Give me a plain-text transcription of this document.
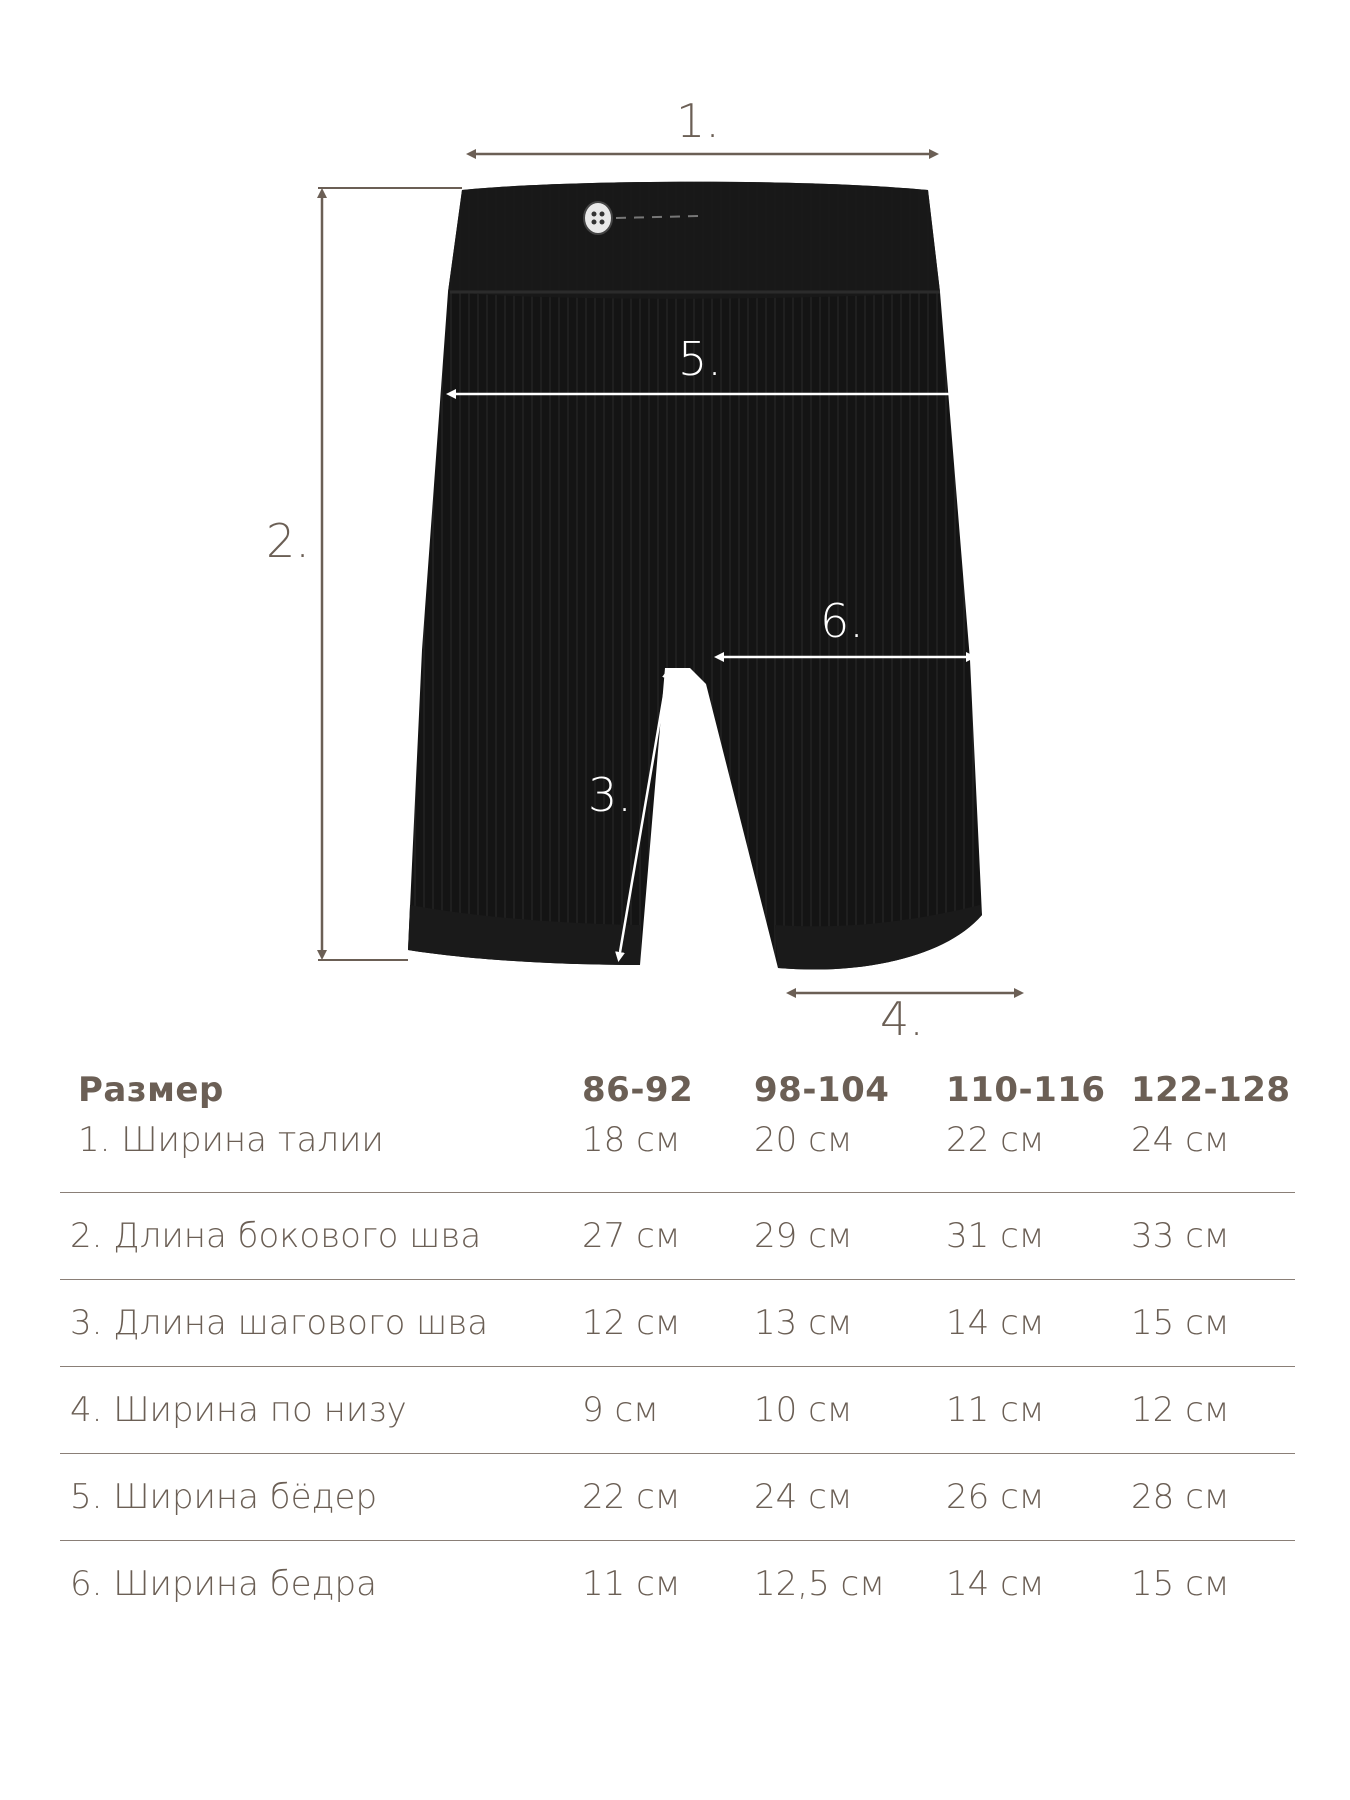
1.
2.
3.
4.
5.
6.
Размер	86-92	98-104	110-116	122-128
1. Ширина талии	18 см	20 см	22 см	24 см
2. Длина бокового шва	27 см	29 см	31 см	33 см
3. Длина шагового шва	12 см	13 см	14 см	15 см
4. Ширина по низу	9 см	10 см	11 см	12 см
5. Ширина бёдер	22 см	24 см	26 см	28 см
6. Ширина бедра	11 см	12,5 см	14 см	15 см
